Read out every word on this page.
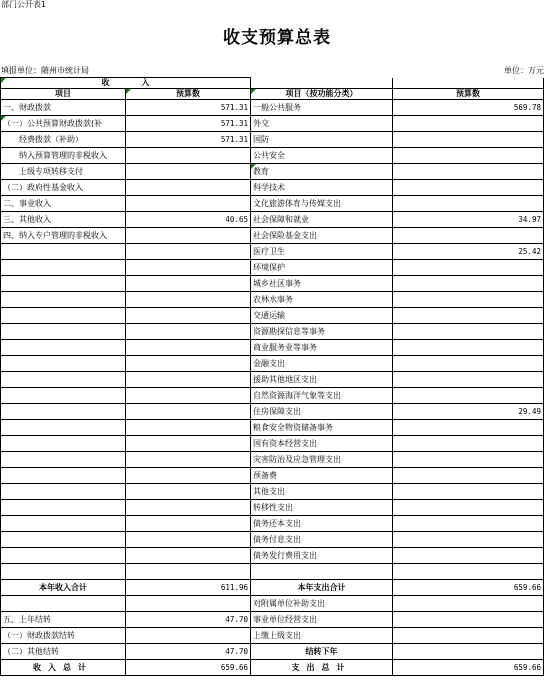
部门公开表1
收支预算总表
填报单位：随州市统计局	单位：万元
收　　　　入			
项目	预算数	项目（按功能分类）	预算数
一、财政拨款	571.31	一般公共服务	569.78

（一）公共预算财政拨款(补	571.31	外交	
　　经费拨款（补助）	571.31	国防	
　　纳入预算管理的非税收入		公共安全	
　　上级专项转移支付		教育	
（二）政府性基金收入		科学技术	
二、事业收入		文化旅游体育与传媒支出	
三、其他收入	40.65	社会保障和就业	34.97
四、纳入专户管理的非税收入		社会保险基金支出	
		医疗卫生	25.42
		环境保护	
		城乡社区事务	
		农林水事务	
		交通运输	
		资源勘探信息等事务	
		商业服务业等事务	
		金融支出	
		援助其他地区支出	
		自然资源海洋气象等支出	
		住房保障支出	29.49
		粮食安全物资储备事务	
		国有资本经营支出	
		灾害防治及应急管理支出	
		预备费	
		其他支出	
		转移性支出	
		债务还本支出	
		债务付息支出	
		债务发行费用支出	

本年收入合计	611.96	本年支出合计	659.66
		对附属单位补助支出	
五、上年结转	47.70	事业单位经营支出	
（一）财政拨款结转		上缴上级支出	
（二）其他结转	47.70	结转下年	
收入总计	659.66	支出总计	659.66
